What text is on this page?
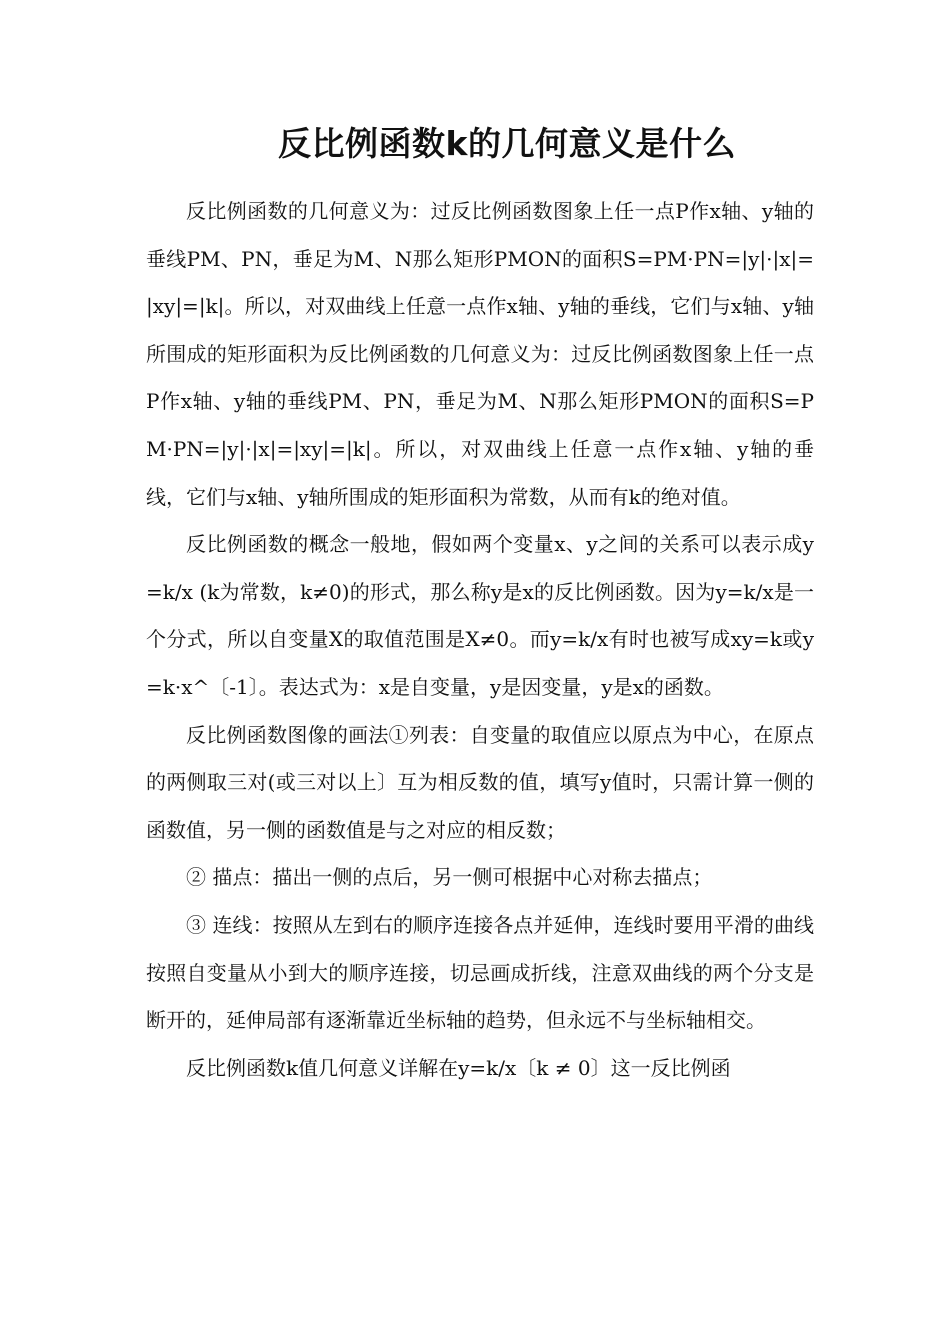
反比例函数k的几何意义是什么

反比例函数的几何意义为：过反比例函数图象上任一点P作x轴、y轴的垂线PM、PN，垂足为M、N那么矩形PMON的面积S=PM·PN=|y|·|x|=|xy|=|k|。所以，对双曲线上任意一点作x轴、y轴的垂线，它们与x轴、y轴所围成的矩形面积为反比例函数的几何意义为：过反比例函数图象上任一点P作x轴、y轴的垂线PM、PN，垂足为M、N那么矩形PMON的面积S=PM·PN=|y|·|x|=|xy|=|k|。所以，对双曲线上任意一点作x轴、y轴的垂线，它们与x轴、y轴所围成的矩形面积为常数，从而有k的绝对值。

反比例函数的概念一般地，假如两个变量x、y之间的关系可以表示成y=k/x (k为常数，k≠0)的形式，那么称y是x的反比例函数。因为y=k/x是一个分式，所以自变量X的取值范围是X≠0。而y=k/x有时也被写成xy=k或y=k·x^〔-1〕。表达式为：x是自变量，y是因变量，y是x的函数。

反比例函数图像的画法①列表：自变量的取值应以原点为中心，在原点的两侧取三对(或三对以上〕互为相反数的值，填写y值时，只需计算一侧的函数值，另一侧的函数值是与之对应的相反数；

② 描点：描出一侧的点后，另一侧可根据中心对称去描点；

③ 连线：按照从左到右的顺序连接各点并延伸，连线时要用平滑的曲线按照自变量从小到大的顺序连接，切忌画成折线，注意双曲线的两个分支是断开的，延伸局部有逐渐靠近坐标轴的趋势，但永远不与坐标轴相交。

反比例函数k值几何意义详解在y=k/x〔k ≠ 0〕这一反比例函
